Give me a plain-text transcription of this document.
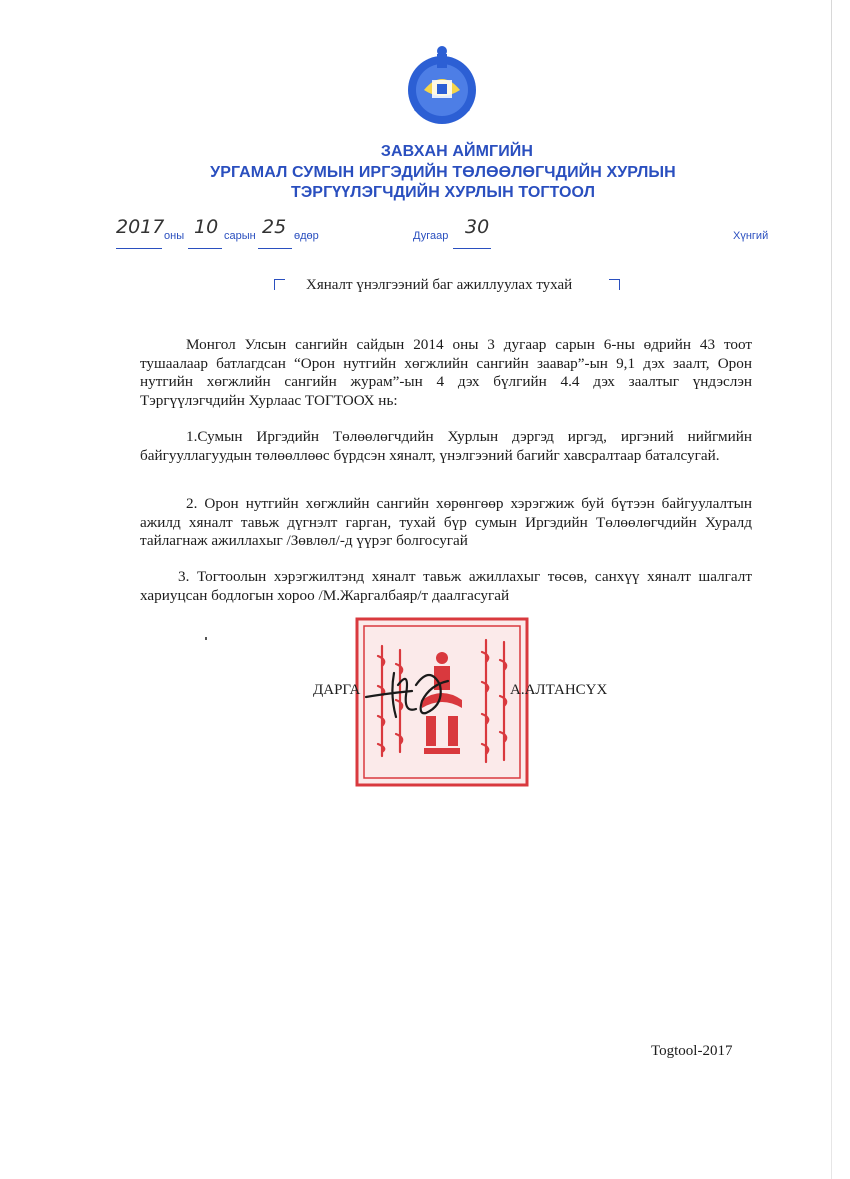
ЗАВХАН АЙМГИЙН
УРГАМАЛ СУМЫН ИРГЭДИЙН ТӨЛӨӨЛӨГЧДИЙН ХУРЛЫН
ТЭРГҮҮЛЭГЧДИЙН ХУРЛЫН ТОГТООЛ
2017 оны 10 сарын 25 өдөр	Дугаар 30	Хүнгий
Хяналт үнэлгээний баг ажиллуулах тухай
Монгол Улсын сангийн сайдын 2014 оны 3 дугаар сарын 6-ны өдрийн 43 тоот тушаалаар батлагдсан “Орон нутгийн хөгжлийн сангийн заавар”-ын 9,1 дэх заалт, Орон нутгийн хөгжлийн сангийн журам”-ын 4 дэх бүлгийн 4.4 дэх заалтыг үндэслэн Тэргүүлэгчдийн Хурлаас ТОГТООХ нь:
1.Сумын Иргэдийн Төлөөлөгчдийн Хурлын дэргэд иргэд, иргэний нийгмийн байгууллагуудын төлөөллөөс бүрдсэн хяналт, үнэлгээний багийг хавсралтаар баталсугай.
2. Орон нутгийн хөгжлийн сангийн хөрөнгөөр хэрэгжиж буй бүтээн байгуулалтын ажилд хяналт тавьж дүгнэлт гарган, тухай бүр сумын Иргэдийн Төлөөлөгчдийн Хуралд тайлагнаж ажиллахыг /Зөвлөл/-д үүрэг болгосугай
3. Тогтоолын хэрэгжилтэнд хяналт тавьж ажиллахыг төсөв, санхүү хяналт шалгалт хариуцсан бодлогын хороо /М.Жаргалбаяр/т даалгасугай
ДАРГА	А.АЛТАНСҮХ
Togtool-2017
